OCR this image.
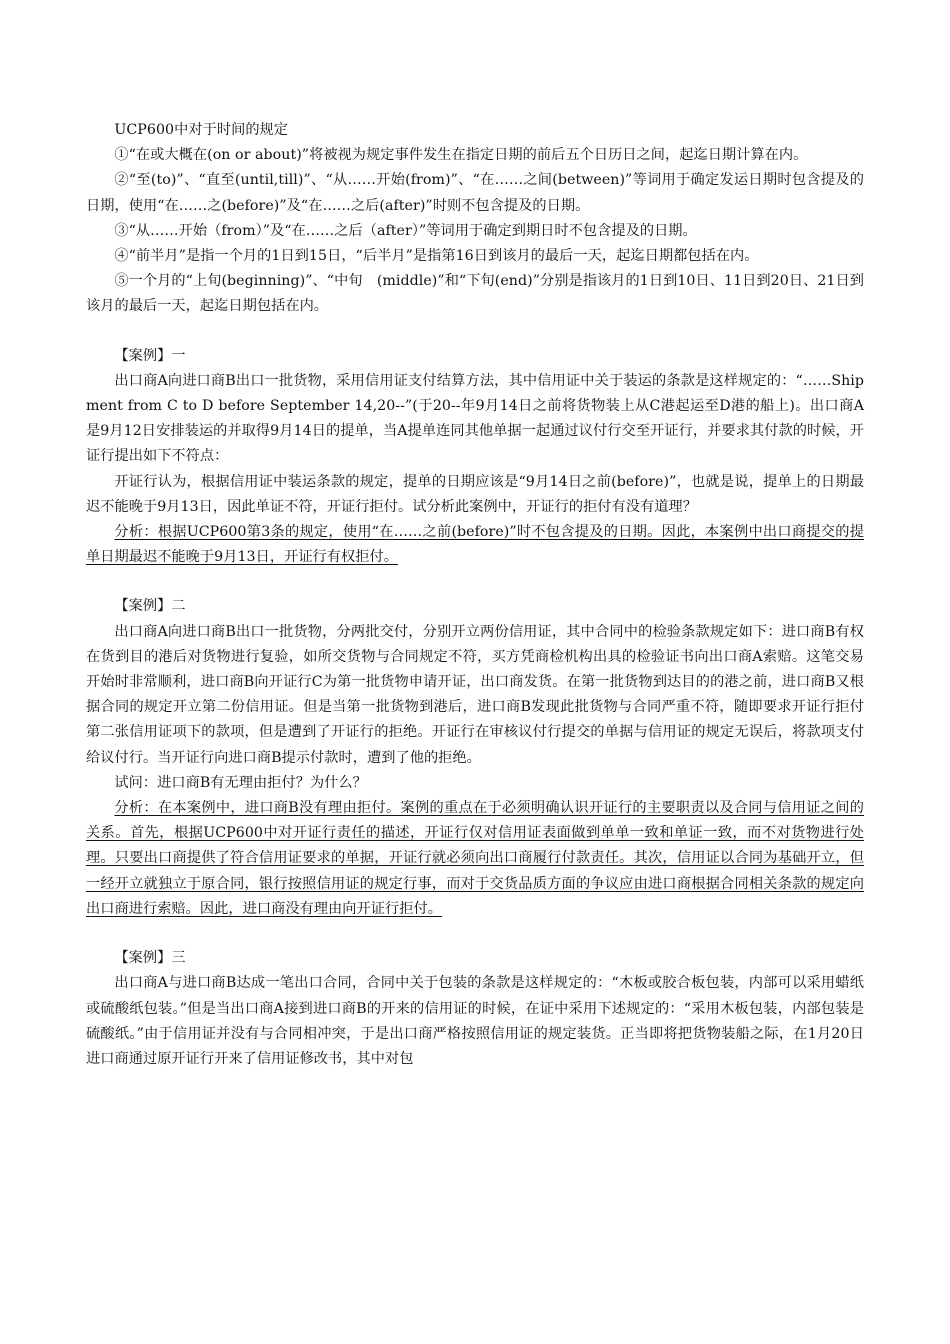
UCP600中对于时间的规定

①“在或大概在(on or about)”将被视为规定事件发生在指定日期的前后五个日历日之间，起迄日期计算在内。

②“至(to)”、“直至(until,till)”、“从……开始(from)”、“在……之间(between)”等词用于确定发运日期时包含提及的日期，使用“在……之(before)”及“在……之后(after)”时则不包含提及的日期。

③“从……开始（from）”及“在……之后（after）”等词用于确定到期日时不包含提及的日期。

④“前半月”是指一个月的1日到15日，“后半月”是指第16日到该月的最后一天，起迄日期都包括在内。

⑤一个月的“上旬(beginning)”、“中旬　(middle)”和“下旬(end)”分别是指该月的1日到10日、11日到20日、21日到该月的最后一天，起迄日期包括在内。

【案例】一

出口商A向进口商B出口一批货物，采用信用证支付结算方法，其中信用证中关于装运的条款是这样规定的：“……Shipment from C to D before September 14,20--”(于20--年9月14日之前将货物装上从C港起运至D港的船上)。出口商A是9月12日安排装运的并取得9月14日的提单，当A提单连同其他单据一起通过议付行交至开证行，并要求其付款的时候，开证行提出如下不符点：

开证行认为，根据信用证中装运条款的规定，提单的日期应该是“9月14日之前(before)”，也就是说，提单上的日期最迟不能晚于9月13日，因此单证不符，开证行拒付。试分析此案例中，开证行的拒付有没有道理？

分析：根据UCP600第3条的规定，使用“在……之前(before)”时不包含提及的日期。因此，本案例中出口商提交的提单日期最迟不能晚于9月13日，开证行有权拒付。

【案例】二

出口商A向进口商B出口一批货物，分两批交付，分别开立两份信用证，其中合同中的检验条款规定如下：进口商B有权在货到目的港后对货物进行复验，如所交货物与合同规定不符，买方凭商检机构出具的检验证书向出口商A索赔。这笔交易开始时非常顺利，进口商B向开证行C为第一批货物申请开证，出口商发货。在第一批货物到达目的的港之前，进口商B又根据合同的规定开立第二份信用证。但是当第一批货物到港后，进口商B发现此批货物与合同严重不符，随即要求开证行拒付第二张信用证项下的款项，但是遭到了开证行的拒绝。开证行在审核议付行提交的单据与信用证的规定无误后，将款项支付给议付行。当开证行向进口商B提示付款时，遭到了他的拒绝。

试问：进口商B有无理由拒付？为什么？

分析：在本案例中，进口商B没有理由拒付。案例的重点在于必须明确认识开证行的主要职责以及合同与信用证之间的关系。首先，根据UCP600中对开证行责任的描述，开证行仅对信用证表面做到单单一致和单证一致，而不对货物进行处理。只要出口商提供了符合信用证要求的单据，开证行就必须向出口商履行付款责任。其次，信用证以合同为基础开立，但一经开立就独立于原合同，银行按照信用证的规定行事，而对于交货品质方面的争议应由进口商根据合同相关条款的规定向出口商进行索赔。因此，进口商没有理由向开证行拒付。

【案例】三

出口商A与进口商B达成一笔出口合同，合同中关于包装的条款是这样规定的：“木板或胶合板包装，内部可以采用蜡纸或硫酸纸包装。”但是当出口商A接到进口商B的开来的信用证的时候，在证中采用下述规定的：“采用木板包装，内部包装是硫酸纸。”由于信用证并没有与合同相冲突，于是出口商严格按照信用证的规定装货。正当即将把货物装船之际，在1月20日进口商通过原开证行开来了信用证修改书，其中对包
